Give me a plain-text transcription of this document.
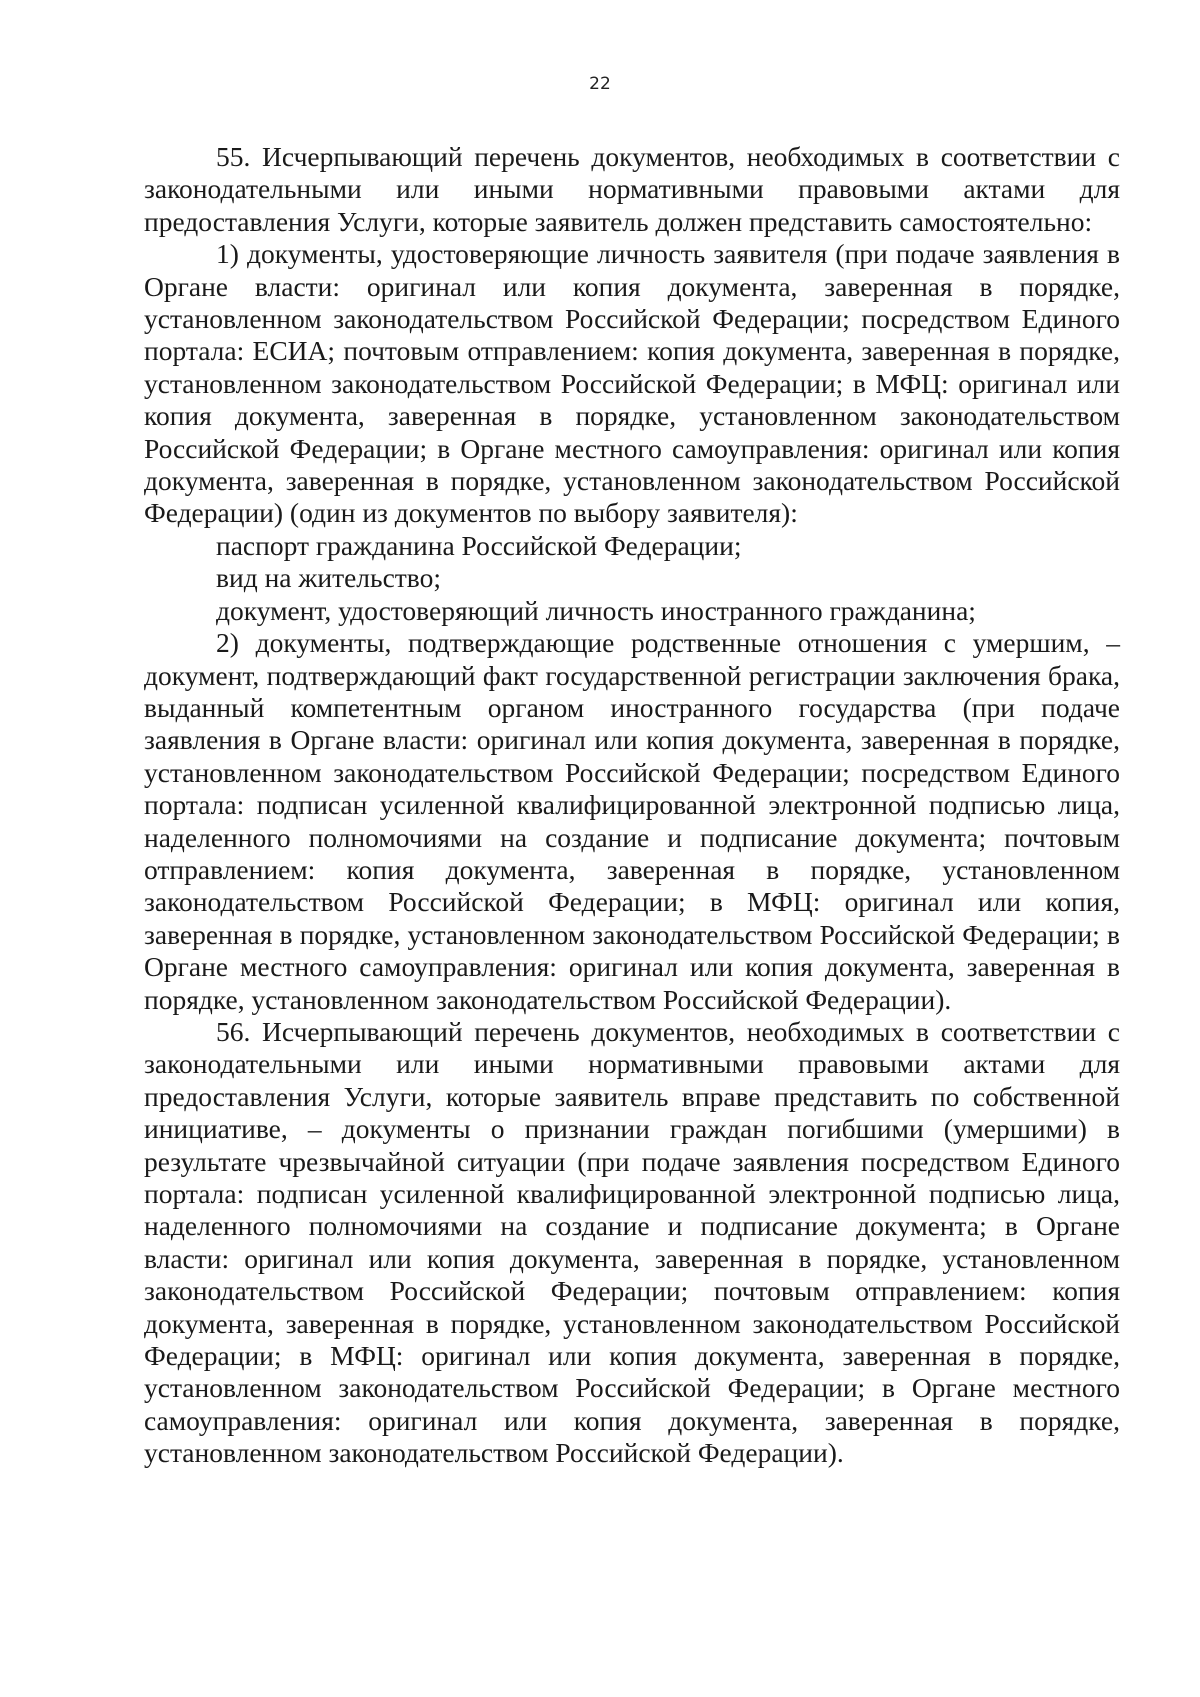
22

55. Исчерпывающий перечень документов, необходимых в соответствии с законодательными или иными нормативными правовыми актами для предоставления Услуги, которые заявитель должен представить самостоятельно:

1) документы, удостоверяющие личность заявителя (при подаче заявления в Органе власти: оригинал или копия документа, заверенная в порядке, установленном законодательством Российской Федерации; посредством Единого портала: ЕСИА; почтовым отправлением: копия документа, заверенная в порядке, установленном законодательством Российской Федерации; в МФЦ: оригинал или копия документа, заверенная в порядке, установленном законодательством Российской Федерации; в Органе местного самоуправления: оригинал или копия документа, заверенная в порядке, установленном законодательством Российской Федерации) (один из документов по выбору заявителя):

паспорт гражданина Российской Федерации;

вид на жительство;

документ, удостоверяющий личность иностранного гражданина;

2) документы, подтверждающие родственные отношения с умершим, – документ, подтверждающий факт государственной регистрации заключения брака, выданный компетентным органом иностранного государства (при подаче заявления в Органе власти: оригинал или копия документа, заверенная в порядке, установленном законодательством Российской Федерации; посредством Единого портала: подписан усиленной квалифицированной электронной подписью лица, наделенного полномочиями на создание и подписание документа; почтовым отправлением: копия документа, заверенная в порядке, установленном законодательством Российской Федерации; в МФЦ: оригинал или копия, заверенная в порядке, установленном законодательством Российской Федерации; в Органе местного самоуправления: оригинал или копия документа, заверенная в порядке, установленном законодательством Российской Федерации).

56. Исчерпывающий перечень документов, необходимых в соответствии с законодательными или иными нормативными правовыми актами для предоставления Услуги, которые заявитель вправе представить по собственной инициативе, – документы о признании граждан погибшими (умершими) в результате чрезвычайной ситуации (при подаче заявления посредством Единого портала: подписан усиленной квалифицированной электронной подписью лица, наделенного полномочиями на создание и подписание документа; в Органе власти: оригинал или копия документа, заверенная в порядке, установленном законодательством Российской Федерации; почтовым отправлением: копия документа, заверенная в порядке, установленном законодательством Российской Федерации; в МФЦ: оригинал или копия документа, заверенная в порядке, установленном законодательством Российской Федерации; в Органе местного самоуправления: оригинал или копия документа, заверенная в порядке, установленном законодательством Российской Федерации).
